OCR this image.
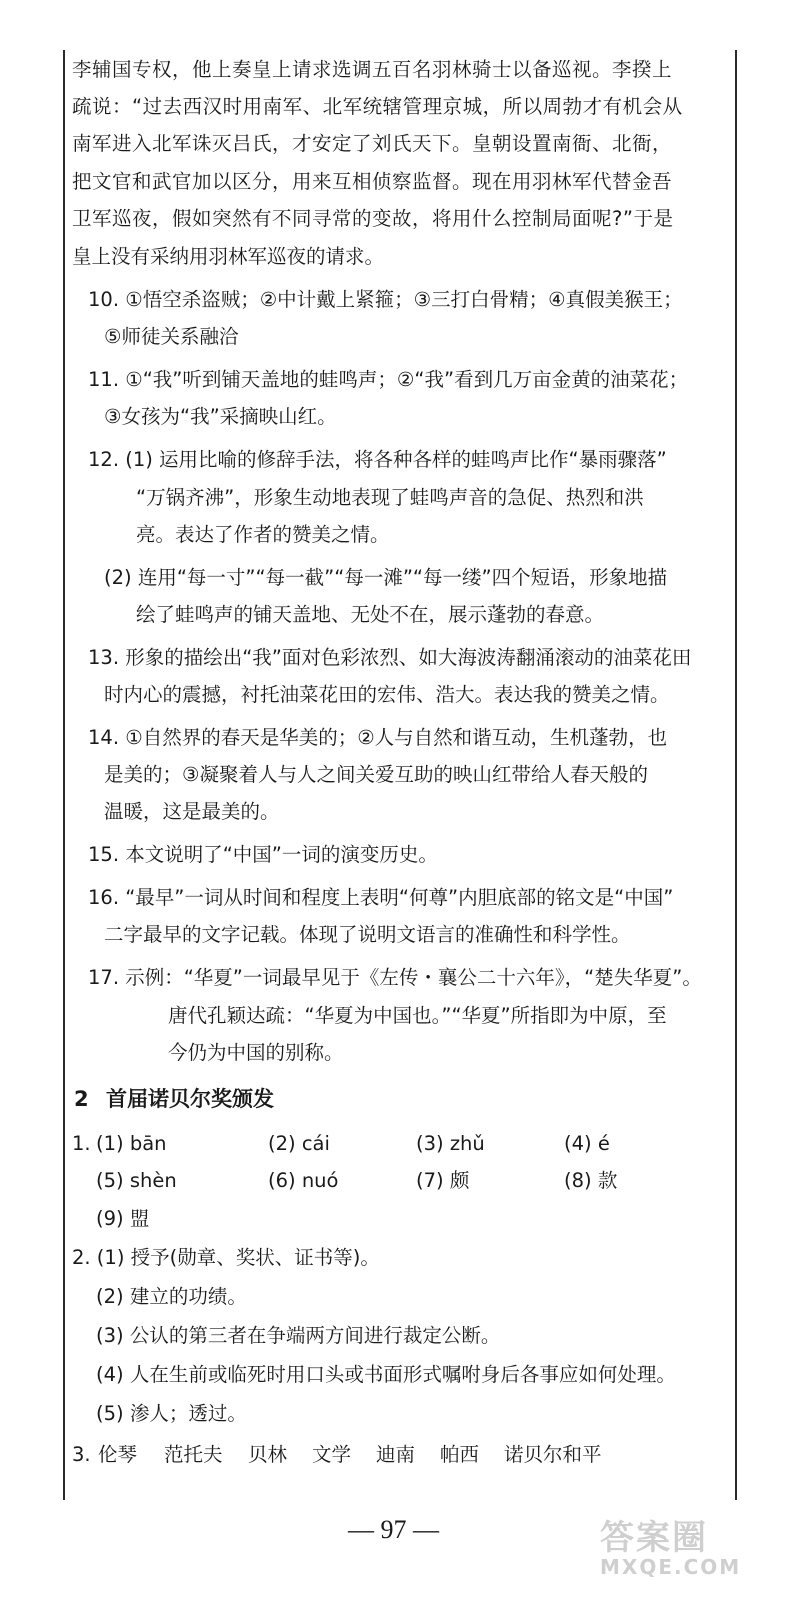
李辅国专权，他上奏皇上请求选调五百名羽林骑士以备巡视。李揆上
疏说：“过去西汉时用南军、北军统辖管理京城，所以周勃才有机会从
南军进入北军诛灭吕氏，才安定了刘氏天下。皇朝设置南衙、北衙，
把文官和武官加以区分，用来互相侦察监督。现在用羽林军代替金吾
卫军巡夜，假如突然有不同寻常的变故，将用什么控制局面呢?”于是
皇上没有采纳用羽林军巡夜的请求。
10. ①悟空杀盗贼；②中计戴上紧箍；③三打白骨精；④真假美猴王；
⑤师徒关系融洽
11. ①“我”听到铺天盖地的蛙鸣声；②“我”看到几万亩金黄的油菜花；
③女孩为“我”采摘映山红。
12. (1) 运用比喻的修辞手法，将各种各样的蛙鸣声比作“暴雨骤落”
“万锅齐沸”，形象生动地表现了蛙鸣声音的急促、热烈和洪
亮。表达了作者的赞美之情。
(2) 连用“每一寸”“每一截”“每一滩”“每一缕”四个短语，形象地描
绘了蛙鸣声的铺天盖地、无处不在，展示蓬勃的春意。
13. 形象的描绘出“我”面对色彩浓烈、如大海波涛翻涌滚动的油菜花田
时内心的震撼，衬托油菜花田的宏伟、浩大。表达我的赞美之情。
14. ①自然界的春天是华美的；②人与自然和谐互动，生机蓬勃，也
是美的；③凝聚着人与人之间关爱互助的映山红带给人春天般的
温暖，这是最美的。
15. 本文说明了“中国”一词的演变历史。
16. “最早”一词从时间和程度上表明“何尊”内胆底部的铭文是“中国”
二字最早的文字记载。体现了说明文语言的准确性和科学性。
17. 示例：“华夏”一词最早见于《左传・襄公二十六年》，“楚失华夏”。
唐代孔颖达疏：“华夏为中国也。”“华夏”所指即为中原，至
今仍为中国的别称。
2 首届诺贝尔奖颁发
1. (1) bān	(2) cái	(3) zhǔ	(4) é
(5) shèn	(6) nuó	(7) 颇	(8) 款
(9) 盟
2. (1) 授予(勋章、奖状、证书等)。
(2) 建立的功绩。
(3) 公认的第三者在争端两方间进行裁定公断。
(4) 人在生前或临死时用口头或书面形式嘱咐身后各事应如何处理。
(5) 渗人；透过。
3. 伦琴 范托夫 贝林 文学 迪南 帕西 诺贝尔和平
— 97 —	答案圈
MXQE.COM
